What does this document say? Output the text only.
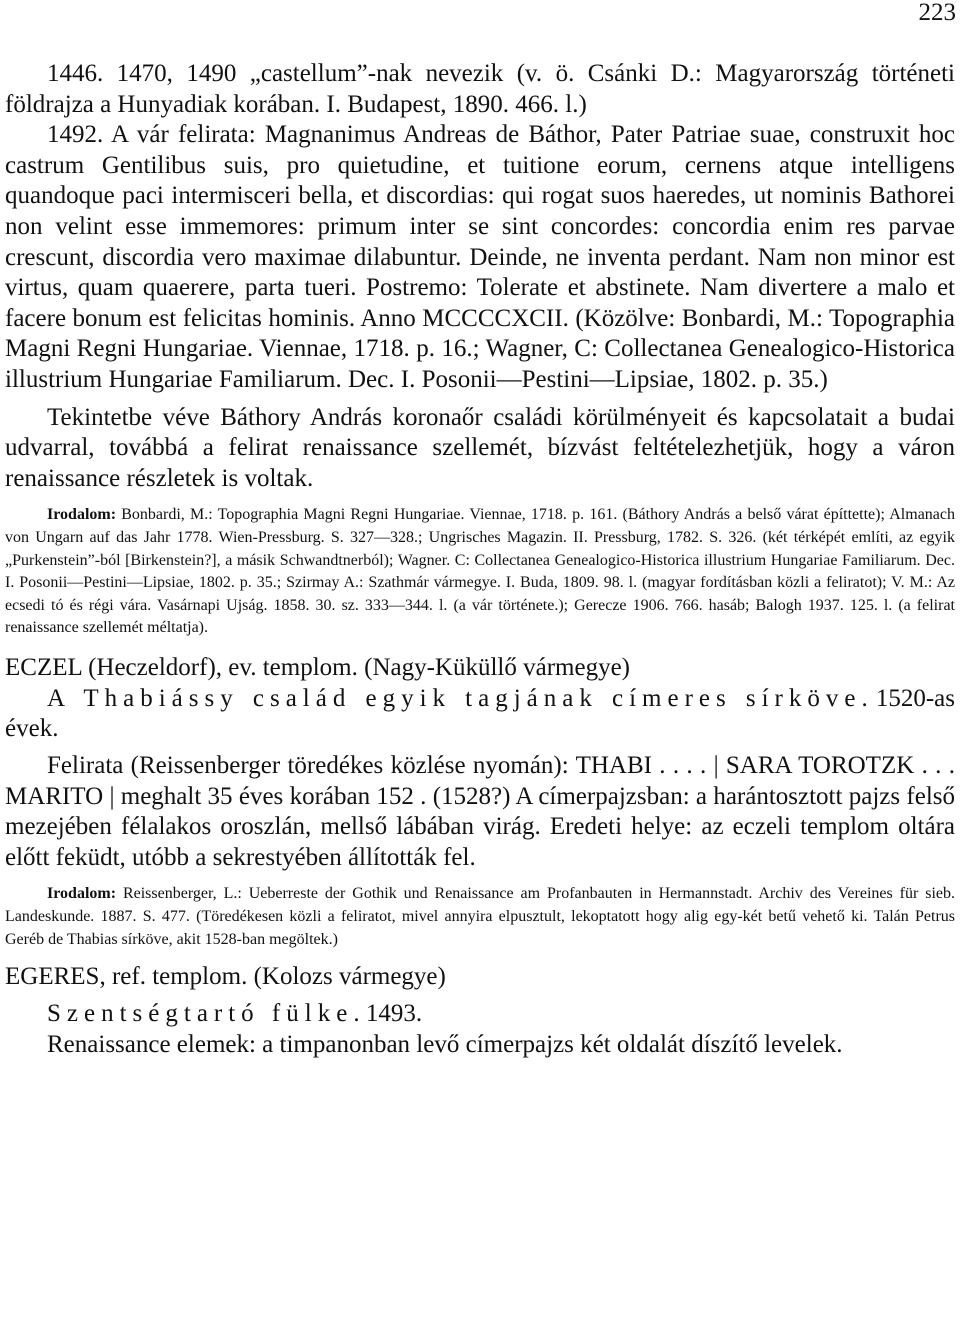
223

1446. 1470, 1490 „castellum”-nak nevezik (v. ö. Csánki D.: Magyarország történeti földrajza a Hunyadiak korában. I. Budapest, 1890. 466. l.)

1492. A vár felirata: Magnanimus Andreas de Báthor, Pater Patriae suae, construxit hoc castrum Gentilibus suis, pro quietudine, et tuitione eorum, cernens atque intelligens quandoque paci intermisceri bella, et discordias: qui rogat suos haeredes, ut nominis Bathorei non velint esse immemores: primum inter se sint concordes: concordia enim res parvae crescunt, discordia vero maximae dilabuntur. Deinde, ne inventa perdant. Nam non minor est virtus, quam quaerere, parta tueri. Postremo: Tolerate et abstinete. Nam divertere a malo et facere bonum est felicitas hominis. Anno MCCCCXCII. (Közölve: Bonbardi, M.: Topographia Magni Regni Hungariae. Viennae, 1718. p. 16.; Wagner, C: Collectanea Genealogico-Historica illustrium Hungariae Familiarum. Dec. I. Posonii—Pestini—Lipsiae, 1802. p. 35.)

Tekintetbe véve Báthory András koronaőr családi körülményeit és kapcsolatait a budai udvarral, továbbá a felirat renaissance szellemét, bízvást feltételezhetjük, hogy a váron renaissance részletek is voltak.

Irodalom: Bonbardi, M.: Topographia Magni Regni Hungariae. Viennae, 1718. p. 161. (Báthory András a belső várat építtette); Almanach von Ungarn auf das Jahr 1778. Wien-Pressburg. S. 327—328.; Ungrisches Magazin. II. Pressburg, 1782. S. 326. (két térképét említi, az egyik „Purkenstein”-ból [Birkenstein?], a másik Schwandtnerból); Wagner. C: Collectanea Genealogico-Historica illustrium Hungariae Familiarum. Dec. I. Posonii—Pestini—Lipsiae, 1802. p. 35.; Szirmay A.: Szathmár vármegye. I. Buda, 1809. 98. l. (magyar fordításban közli a feliratot); V. M.: Az ecsedi tó és régi vára. Vasárnapi Ujság. 1858. 30. sz. 333—344. l. (a vár története.); Gerecze 1906. 766. hasáb; Balogh 1937. 125. l. (a felirat renaissance szellemét méltatja).

ECZEL (Heczeldorf), ev. templom. (Nagy-Küküllő vármegye)

A Thabiássy család egyik tagjának címeres sírköve. 1520-as évek.

Felirata (Reissenberger töredékes közlése nyomán): THABI . . . . | SARA TOROTZK . . . MARITO | meghalt 35 éves korában 152 . (1528?) A címerpajzsban: a harántosztott pajzs felső mezejében félalakos oroszlán, mellső lábában virág. Eredeti helye: az eczeli templom oltára előtt feküdt, utóbb a sekrestyében állították fel.

Irodalom: Reissenberger, L.: Ueberreste der Gothik und Renaissance am Profanbauten in Hermannstadt. Archiv des Vereines für sieb. Landeskunde. 1887. S. 477. (Töredékesen közli a feliratot, mivel annyira elpusztult, lekoptatott hogy alig egy-két betű vehető ki. Talán Petrus Geréb de Thabias sírköve, akit 1528-ban megöltek.)

EGERES, ref. templom. (Kolozs vármegye)

Szentségtartó fülke. 1493.

Renaissance elemek: a timpanonban levő címerpajzs két oldalát díszítő levelek.
